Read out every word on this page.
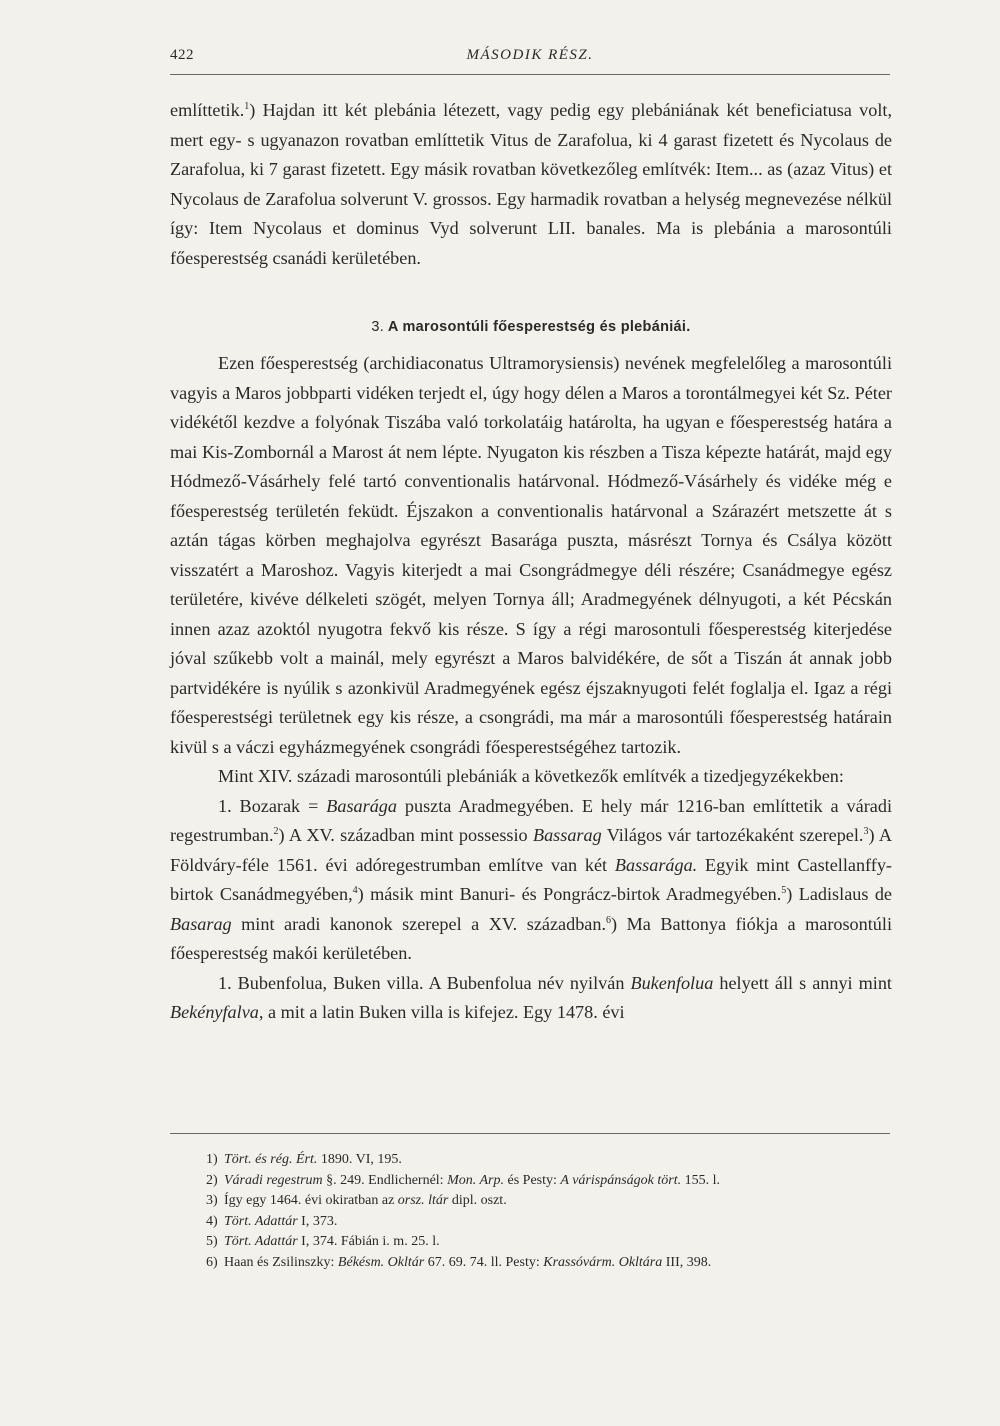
422	MÁSODIK RÉSZ.

említtetik.$^1$) Hajdan itt két plebánia létezett, vagy pedig egy plebániának két beneficiatusa volt, mert egy- s ugyanazon rovatban említtetik Vitus de Zarafolua, ki 4 garast fizetett és Nycolaus de Zarafolua, ki 7 garast fizetett. Egy másik rovatban következőleg említvék: Item... as (azaz Vitus) et Nycolaus de Zarafolua solverunt V. grossos. Egy harmadik rovatban a helység megnevezése nélkül így: Item Nycolaus et dominus Vyd solverunt LII. banales. Ma is plebánia a marosontúli főesperestség csanádi kerületében.

3. A marosontúli főesperestség és plebániái.

Ezen főesperestség (archidiaconatus Ultramorysiensis) nevének megfelelőleg a marosontúli vagyis a Maros jobbparti vidéken terjedt el, úgy hogy délen a Maros a torontálmegyei két Sz. Péter vidékétől kezdve a folyónak Tiszába való torkolatáig határolta, ha ugyan e főesperestség határa a mai Kis-Zombornál a Marost át nem lépte. Nyugaton kis részben a Tisza képezte határát, majd egy Hódmező-Vásárhely felé tartó conventionalis határvonal. Hódmező-Vásárhely és vidéke még e főesperestség területén feküdt. Éjszakon a conventionalis határvonal a Szárazért metszette át s aztán tágas körben meghajolva egyrészt Basarága puszta, másrészt Tornya és Csálya között visszatért a Maroshoz. Vagyis kiterjedt a mai Csongrádmegye déli részére; Csanádmegye egész területére, kivéve délkeleti szögét, melyen Tornya áll; Aradmegyének délnyugoti, a két Pécskán innen azaz azoktól nyugotra fekvő kis része. S így a régi marosontuli főesperestség kiterjedése jóval szűkebb volt a mainál, mely egyrészt a Maros balvidékére, de sőt a Tiszán át annak jobb partvidékére is nyúlik s azonkivül Aradmegyének egész éjszaknyugoti felét foglalja el. Igaz a régi főesperestségi területnek egy kis része, a csongrádi, ma már a marosontúli főesperestség határain kivül s a váczi egyházmegyének csongrádi főesperestségéhez tartozik.

Mint XIV. századi marosontúli plebániák a következők említvék a tizedjegyzékekben:

1. Bozarak = Basarága puszta Aradmegyében. E hely már 1216-ban említtetik a váradi regestrumban.$^2$) A XV. században mint possessio Bassarag Világos vár tartozékaként szerepel.$^3$) A Földváry-féle 1561. évi adóregestrumban említve van két Bassarága. Egyik mint Castellanffy-birtok Csanádmegyében,$^4$) másik mint Banuri- és Pongrácz-birtok Aradmegyében.$^5$) Ladislaus de Basarag mint aradi kanonok szerepel a XV. században.$^6$) Ma Battonya fiókja a marosontúli főesperestség makói kerületében.

1. Bubenfolua, Buken villa. A Bubenfolua név nyilván Bukenfolua helyett áll s annyi mint Bekényfalva, a mit a latin Buken villa is kifejez. Egy 1478. évi

1) Tört. és rég. Ért. 1890. VI, 195.
2) Váradi regestrum §. 249. Endlichernél: Mon. Arp. és Pesty: A várispánságok tört. 155. l.
3) Így egy 1464. évi okiratban az orsz. ltár dipl. oszt.
4) Tört. Adattár I, 373.
5) Tört. Adattár I, 374. Fábián i. m. 25. l.
6) Haan és Zsilinszky: Békésm. Okltár 67. 69. 74. ll. Pesty: Krassóvárm. Okltára III, 398.
